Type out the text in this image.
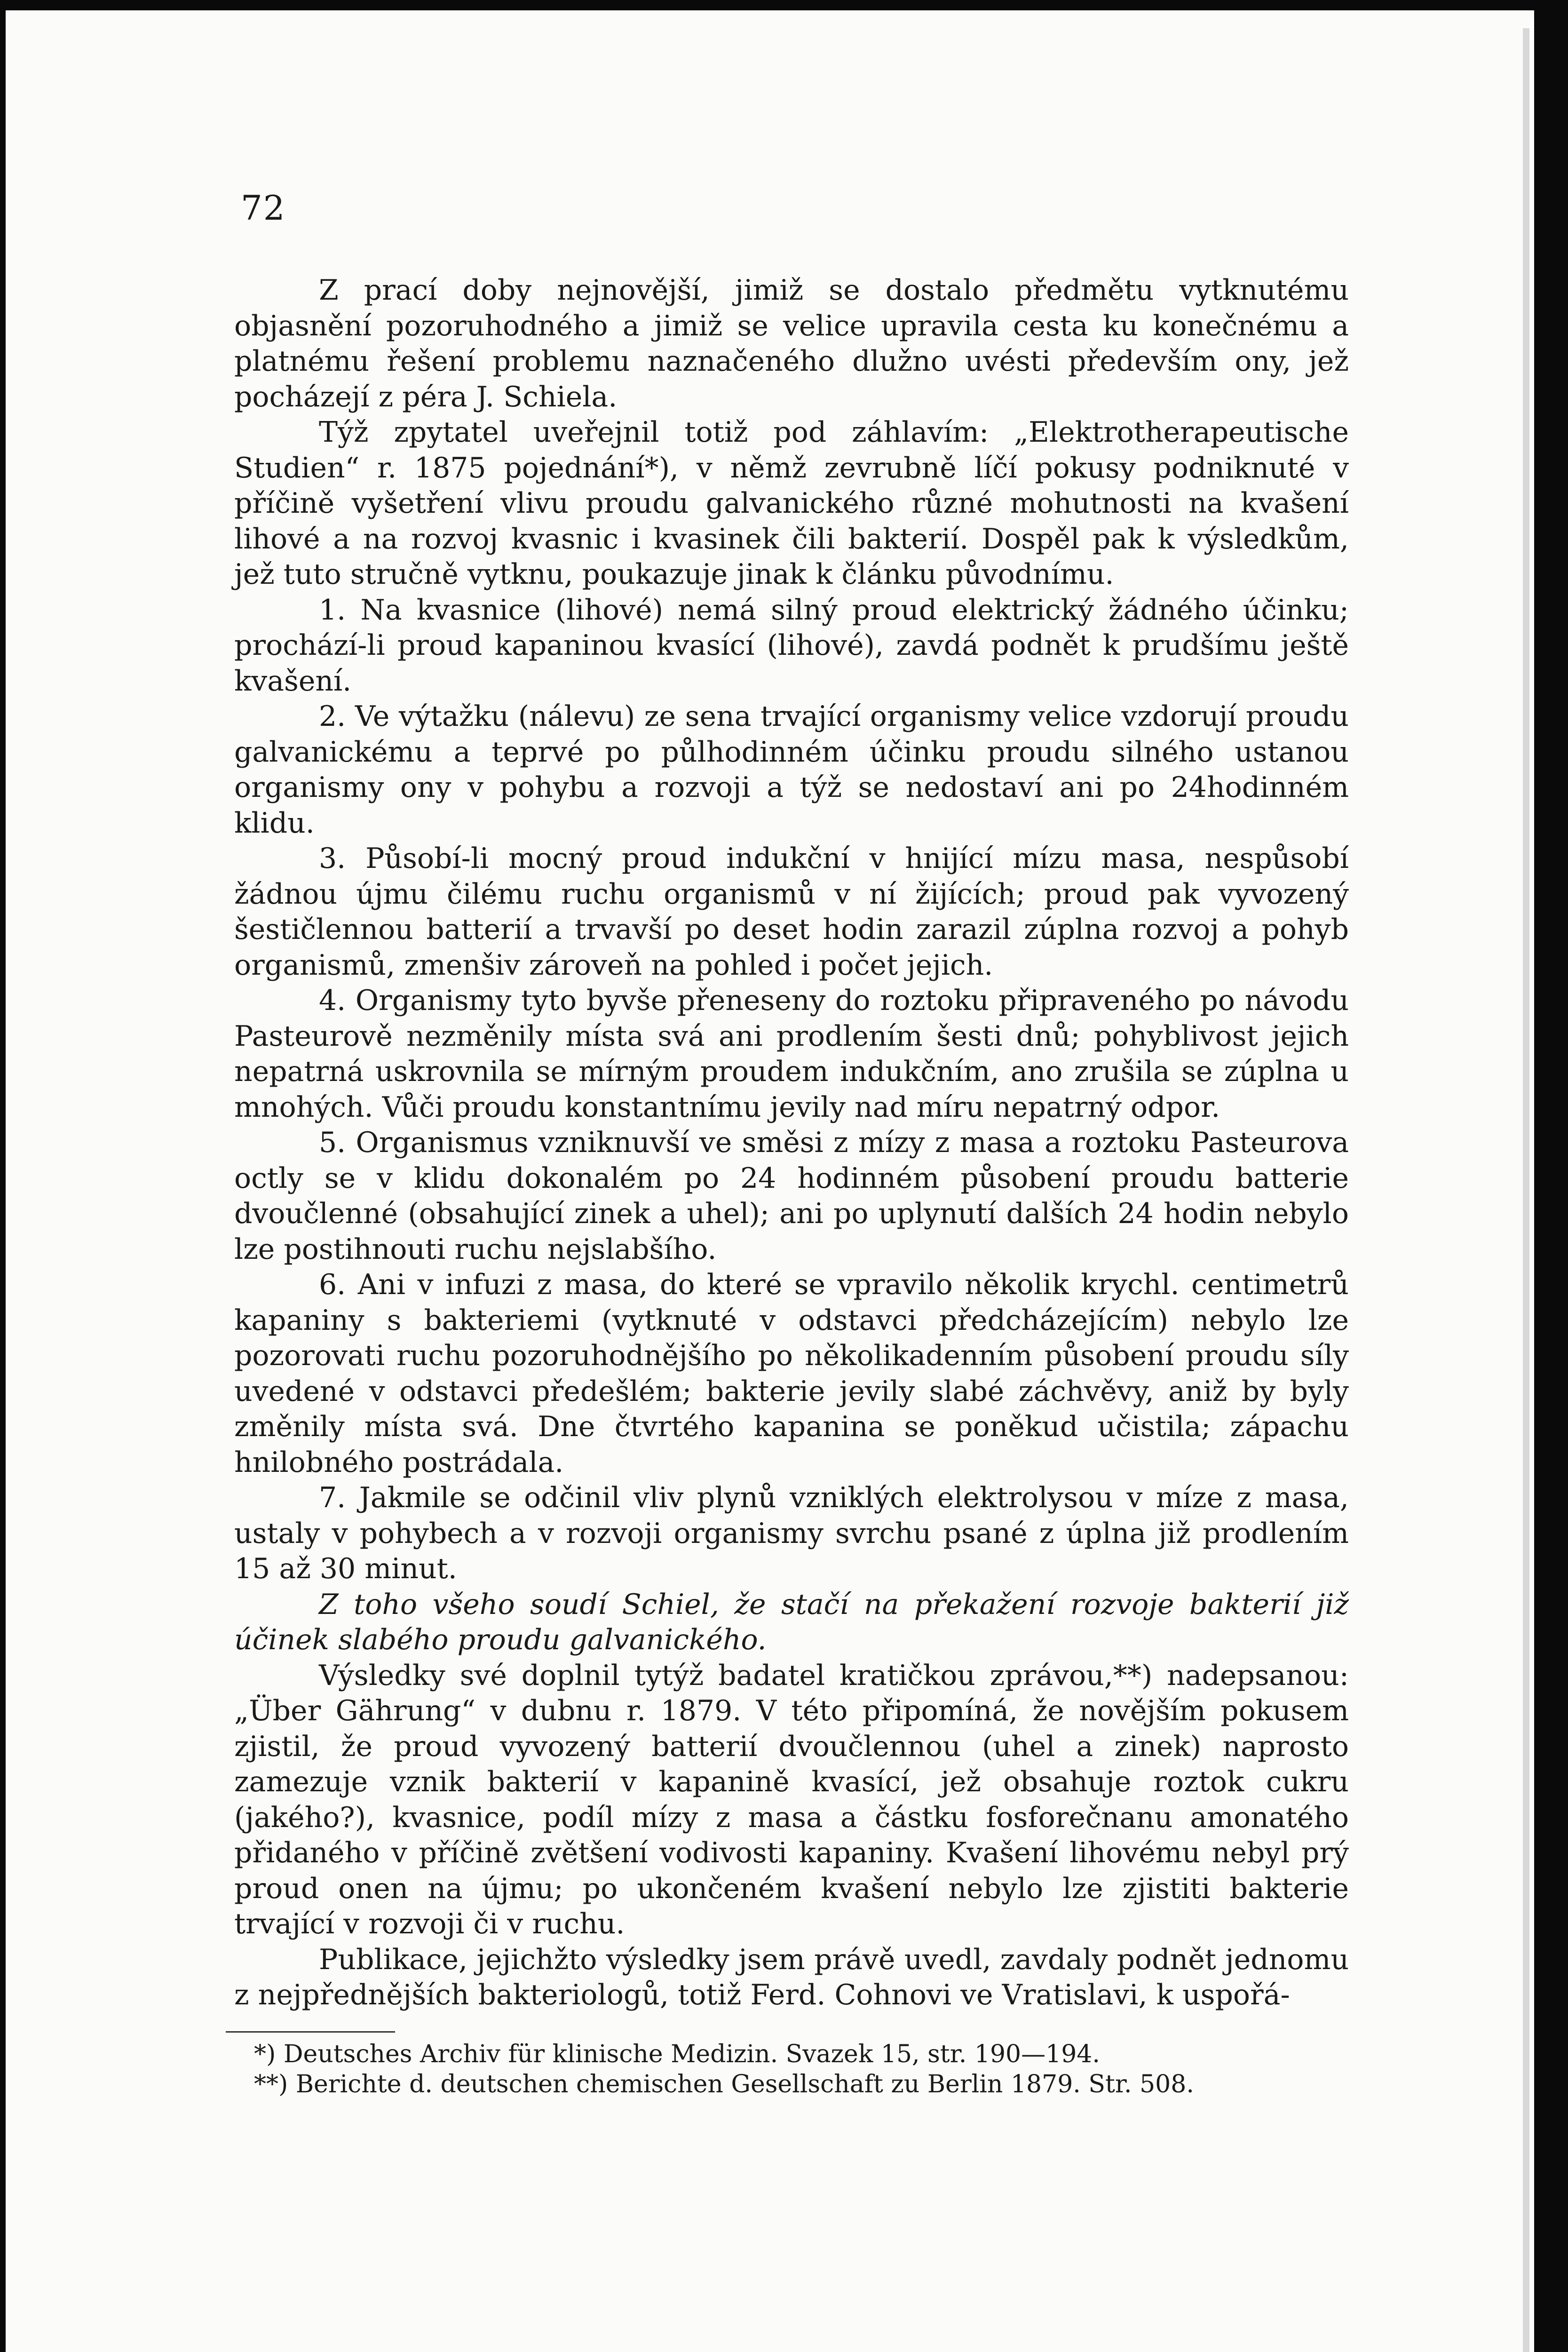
72

Z prací doby nejnovější, jimiž se dostalo předmětu vytknutému objasnění pozoruhodného a jimiž se velice upravila cesta ku konečnému a platnému řešení problemu naznačeného dlužno uvésti především ony, jež pocházejí z péra J. Schiela.

Týž zpytatel uveřejnil totiž pod záhlavím: „Elektrotherapeutische Studien“ r. 1875 pojednání*), v němž zevrubně líčí pokusy podniknuté v příčině vyšetření vlivu proudu galvanického různé mohutnosti na kvašení lihové a na rozvoj kvasnic i kvasinek čili bakterií. Dospěl pak k výsledkům, jež tuto stručně vytknu, poukazuje jinak k článku původnímu.

1. Na kvasnice (lihové) nemá silný proud elektrický žádného účinku; prochází-li proud kapaninou kvasící (lihové), zavdá podnět k prudšímu ještě kvašení.

2. Ve výtažku (nálevu) ze sena trvající organismy velice vzdorují proudu galvanickému a teprvé po půlhodinném účinku proudu silného ustanou organismy ony v pohybu a rozvoji a týž se nedostaví ani po 24hodinném klidu.

3. Působí-li mocný proud indukční v hnijící mízu masa, nespůsobí žádnou újmu čilému ruchu organismů v ní žijících; proud pak vyvozený šestičlennou batterií a trvavší po deset hodin zarazil zúplna rozvoj a pohyb organismů, zmenšiv zároveň na pohled i počet jejich.

4. Organismy tyto byvše přeneseny do roztoku připraveného po návodu Pasteurově nezměnily místa svá ani prodlením šesti dnů; pohyblivost jejich nepatrná uskrovnila se mírným proudem indukčním, ano zrušila se zúplna u mnohých. Vůči proudu konstantnímu jevily nad míru nepatrný odpor.

5. Organismus vzniknuvší ve směsi z mízy z masa a roztoku Pasteurova octly se v klidu dokonalém po 24 hodinném působení proudu batterie dvoučlenné (obsahující zinek a uhel); ani po uplynutí dalších 24 hodin nebylo lze postihnouti ruchu nejslabšího.

6. Ani v infuzi z masa, do které se vpravilo několik krychl. centimetrů kapaniny s bakteriemi (vytknuté v odstavci předcházejícím) nebylo lze pozorovati ruchu pozoruhodnějšího po několikadenním působení proudu síly uvedené v odstavci předešlém; bakterie jevily slabé záchvěvy, aniž by byly změnily místa svá. Dne čtvrtého kapanina se poněkud učistila; zápachu hnilobného postrádala.

7. Jakmile se odčinil vliv plynů vzniklých elektrolysou v míze z masa, ustaly v pohybech a v rozvoji organismy svrchu psané z úplna již prodlením 15 až 30 minut.

Z toho všeho soudí Schiel, že stačí na překažení rozvoje bakterií již účinek slabého proudu galvanického.

Výsledky své doplnil tytýž badatel kratičkou zprávou,**) nadepsanou: „Über Gährung“ v dubnu r. 1879. V této připomíná, že novějším pokusem zjistil, že proud vyvozený batterií dvoučlennou (uhel a zinek) naprosto zamezuje vznik bakterií v kapanině kvasící, jež obsahuje roztok cukru (jakého?), kvasnice, podíl mízy z masa a částku fosforečnanu amonatého přidaného v příčině zvětšení vodivosti kapaniny. Kvašení lihovému nebyl prý proud onen na újmu; po ukončeném kvašení nebylo lze zjistiti bakterie trvající v rozvoji či v ruchu.

Publikace, jejichžto výsledky jsem právě uvedl, zavdaly podnět jednomu z nejpřednějších bakteriologů, totiž Ferd. Cohnovi ve Vratislavi, k uspořá-

*) Deutsches Archiv für klinische Medizin. Svazek 15, str. 190—194.
**) Berichte d. deutschen chemischen Gesellschaft zu Berlin 1879. Str. 508.
